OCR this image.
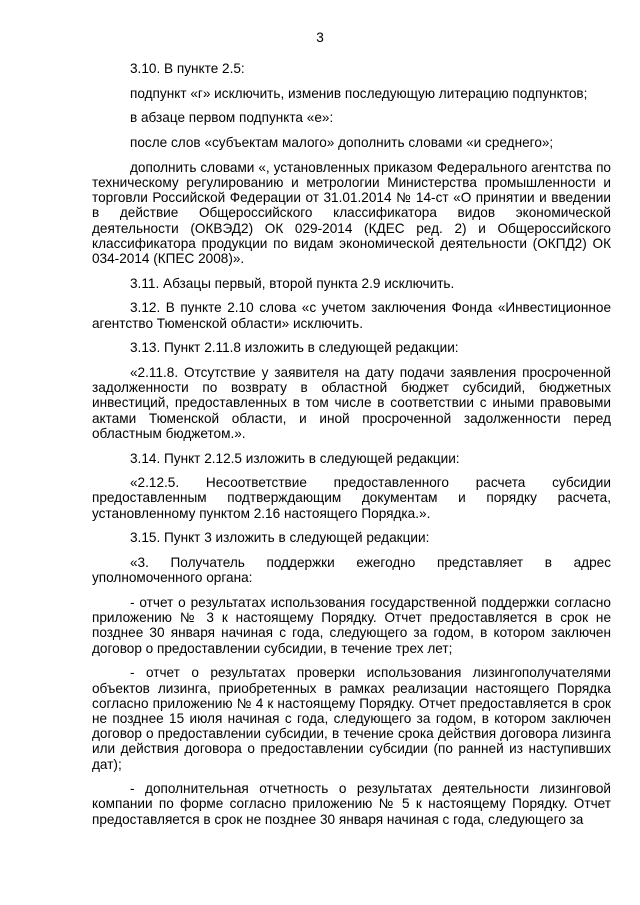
3

3.10. В пункте 2.5:

подпункт «г» исключить, изменив последующую литерацию подпунктов;

в абзаце первом подпункта «е»:

после слов «субъектам малого» дополнить словами «и среднего»;

дополнить словами «, установленных приказом Федерального агентства по техническому регулированию и метрологии Министерства промышленности и торговли Российской Федерации от 31.01.2014 № 14-ст «О принятии и введении в действие Общероссийского классификатора видов экономической деятельности (ОКВЭД2) ОК 029-2014 (КДЕС ред. 2) и Общероссийского классификатора продукции по видам экономической деятельности (ОКПД2) ОК 034-2014 (КПЕС 2008)».

3.11. Абзацы первый, второй пункта 2.9 исключить.

3.12. В пункте 2.10 слова «с учетом заключения Фонда «Инвестиционное агентство Тюменской области» исключить.

3.13. Пункт 2.11.8 изложить в следующей редакции:

«2.11.8. Отсутствие у заявителя на дату подачи заявления просроченной задолженности по возврату в областной бюджет субсидий, бюджетных инвестиций, предоставленных в том числе в соответствии с иными правовыми актами Тюменской области, и иной просроченной задолженности перед областным бюджетом.».

3.14. Пункт 2.12.5 изложить в следующей редакции:

«2.12.5. Несоответствие предоставленного расчета субсидии предоставленным подтверждающим документам и порядку расчета, установленному пунктом 2.16 настоящего Порядка.».

3.15. Пункт 3 изложить в следующей редакции:

«3. Получатель поддержки ежегодно представляет в адрес уполномоченного органа:

- отчет о результатах использования государственной поддержки согласно приложению № 3 к настоящему Порядку. Отчет предоставляется в срок не позднее 30 января начиная с года, следующего за годом, в котором заключен договор о предоставлении субсидии, в течение трех лет;

- отчет о результатах проверки использования лизингополучателями объектов лизинга, приобретенных в рамках реализации настоящего Порядка согласно приложению № 4 к настоящему Порядку. Отчет предоставляется в срок не позднее 15 июля начиная с года, следующего за годом, в котором заключен договор о предоставлении субсидии, в течение срока действия договора лизинга или действия договора о предоставлении субсидии (по ранней из наступивших дат);

- дополнительная отчетность о результатах деятельности лизинговой компании по форме согласно приложению № 5 к настоящему Порядку. Отчет предоставляется в срок не позднее 30 января начиная с года, следующего за
